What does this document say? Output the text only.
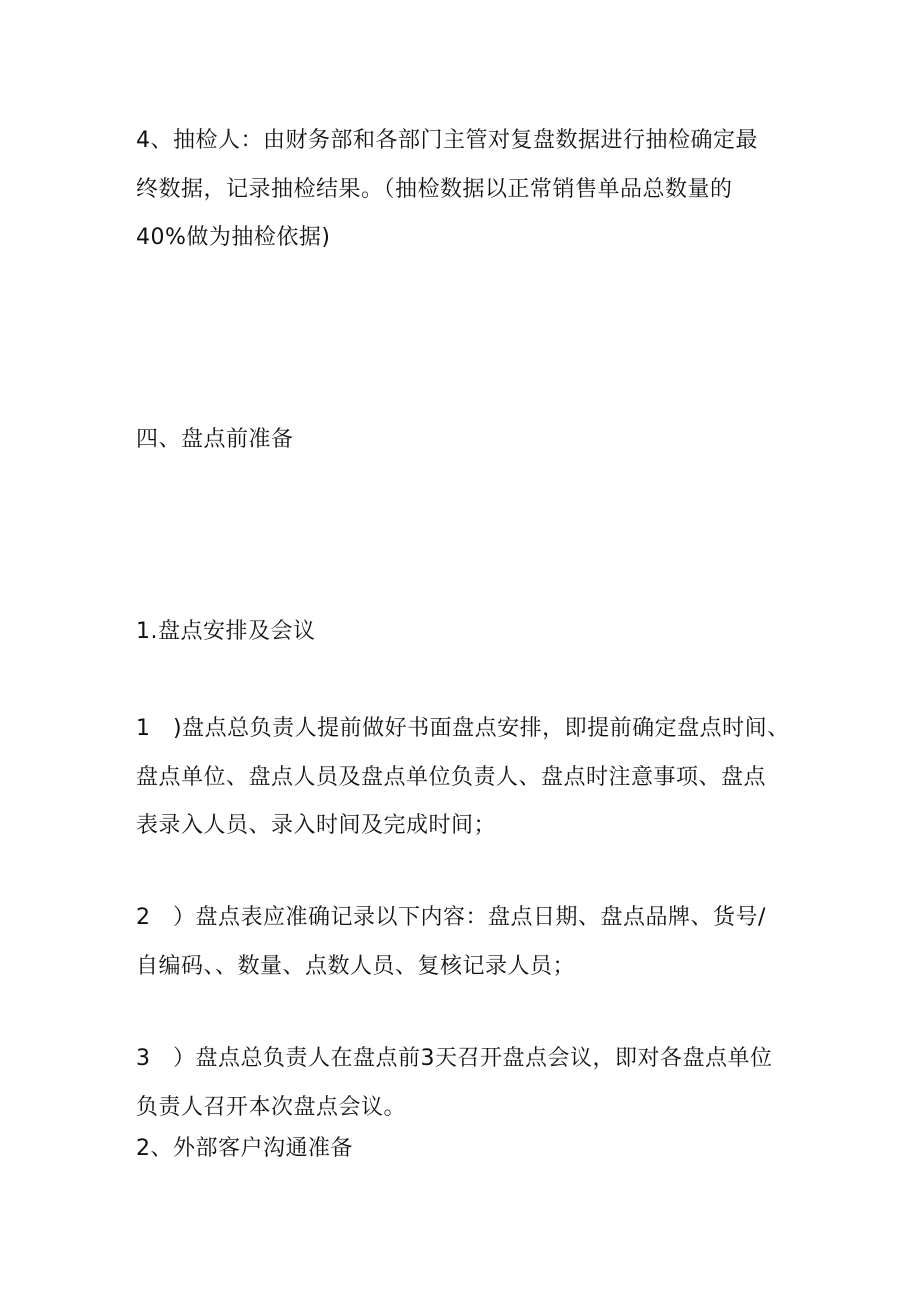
4、抽检人：由财务部和各部门主管对复盘数据进行抽检确定最
终数据，记录抽检结果。（抽检数据以正常销售单品总数量的
40%做为抽检依据)
四、盘点前准备
1.盘点安排及会议
1　)盘点总负责人提前做好书面盘点安排，即提前确定盘点时间、
盘点单位、盘点人员及盘点单位负责人、盘点时注意事项、盘点
表录入人员、录入时间及完成时间；
2　）盘点表应准确记录以下内容：盘点日期、盘点品牌、货号/
自编码、、数量、点数人员、复核记录人员；
3　）盘点总负责人在盘点前3天召开盘点会议，即对各盘点单位
负责人召开本次盘点会议。
2、外部客户沟通准备
